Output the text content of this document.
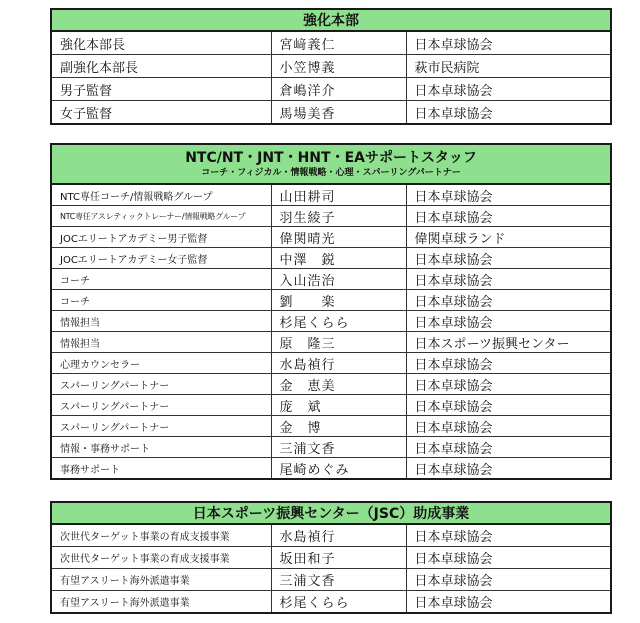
強化本部		
強化本部長	宮﨑義仁	日本卓球協会
副強化本部長	小笠博義	萩市民病院
男子監督	倉嶋洋介	日本卓球協会
女子監督	馬場美香	日本卓球協会
NTC/NT・JNT・HNT・EAサポートスタッフ
コーチ・フィジカル・情報戦略・心理・スパーリングパートナー		

NTC専任コーチ/情報戦略グループ	山田耕司	日本卓球協会
NTC専任アスレティックトレーナー/情報戦略グループ	羽生綾子	日本卓球協会
JOCエリートアカデミー男子監督	偉関晴光	偉関卓球ランド
JOCエリートアカデミー女子監督	中澤　鋭	日本卓球協会
コーチ	入山浩治	日本卓球協会
コーチ	劉　　楽	日本卓球協会
情報担当	杉尾くらら	日本卓球協会
情報担当	原　隆三	日本スポーツ振興センター
心理カウンセラー	水島禎行	日本卓球協会
スパーリングパートナー	金　恵美	日本卓球協会
スパーリングパートナー	庞　斌	日本卓球協会
スパーリングパートナー	金　博	日本卓球協会
情報・事務サポート	三浦文香	日本卓球協会
事務サポート	尾崎めぐみ	日本卓球協会
日本スポーツ振興センター（JSC）助成事業		
次世代ターゲット事業の育成支援事業	水島禎行	日本卓球協会
次世代ターゲット事業の育成支援事業	坂田和子	日本卓球協会
有望アスリート海外派遣事業	三浦文香	日本卓球協会
有望アスリート海外派遣事業	杉尾くらら	日本卓球協会
